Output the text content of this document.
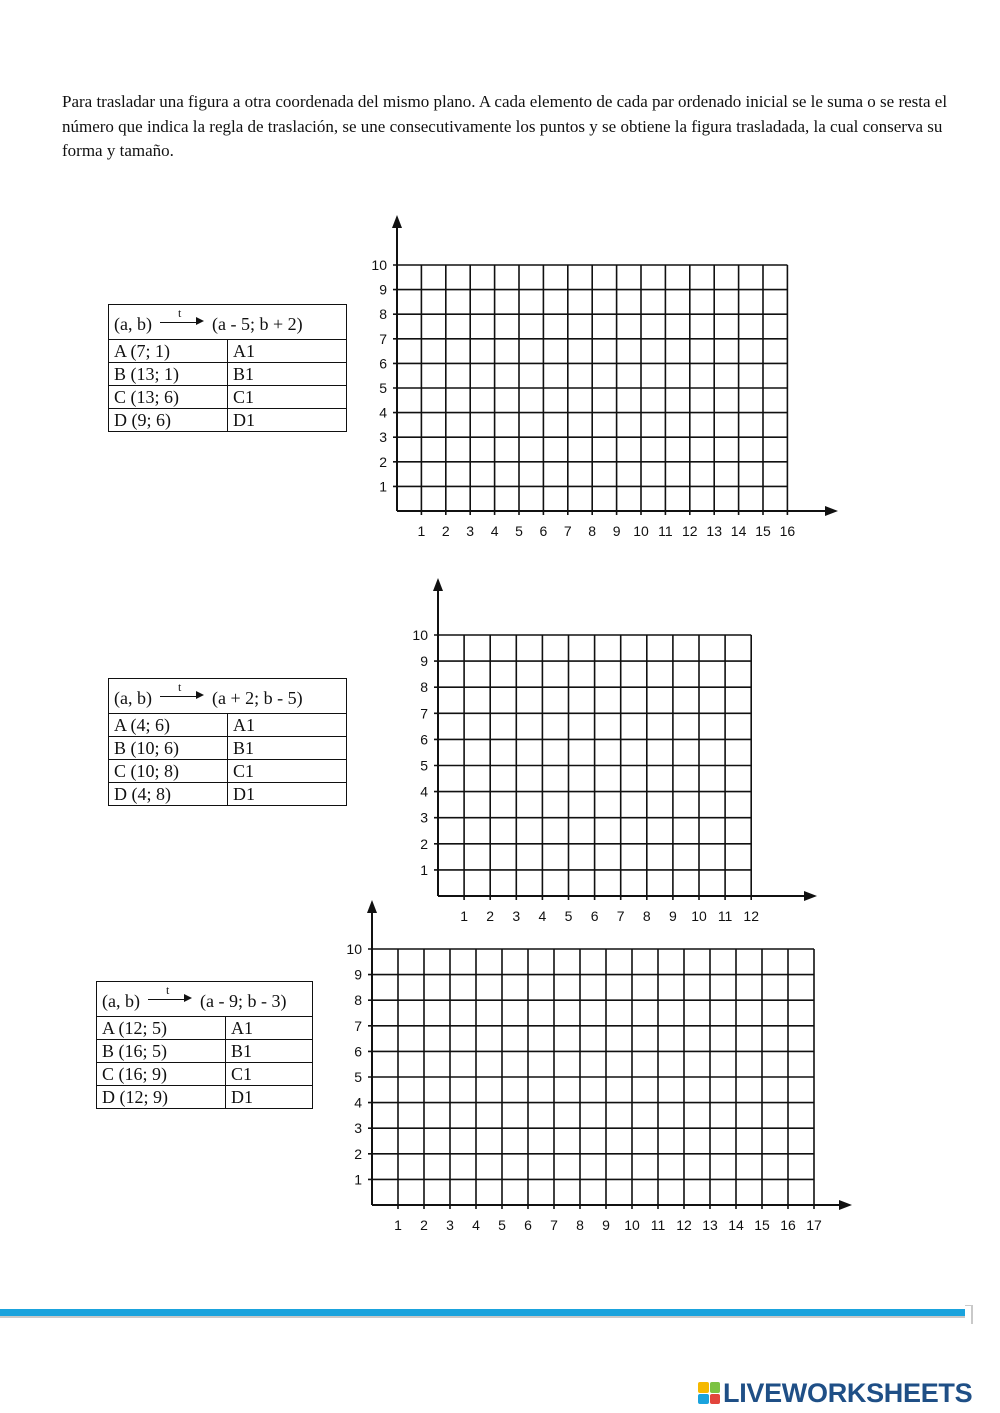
Para trasladar una figura a otra coordenada del mismo plano. A cada elemento de cada par ordenado inicial se le suma o se resta el número que indica la regla de traslación, se une consecutivamente los puntos y se obtiene la figura trasladada, la cual conserva su forma y tamaño.

(a, b)
t
(a - 5; b + 2)	
A (7; 1)	A1
B (13; 1)	B1
C (13; 6)	C1
D (9; 6)	D1
(a, b)
t
(a + 2; b - 5)	
A (4; 6)	A1
B (10; 6)	B1
C (10; 8)	C1
D (4; 8)	D1
(a, b)
t
(a - 9; b - 3)	
A (12; 5)	A1
B (16; 5)	B1
C (16; 9)	C1
D (12; 9)	D1
1 2 3 4 5 6 7 8 9 10 11 12 13 14 15 16
1
2
3
4
5
6
7
8
9
10
1 2 3 4 5 6 7 8 9 10 11 12
1
2
3
4
5
6
7
8
9
10
1 2 3 4 5 6 7 8 9 10 11 12 13 14 15 16 17
1
2
3
4
5
6
7
8
9
10
LIVEWORKSHEETS
